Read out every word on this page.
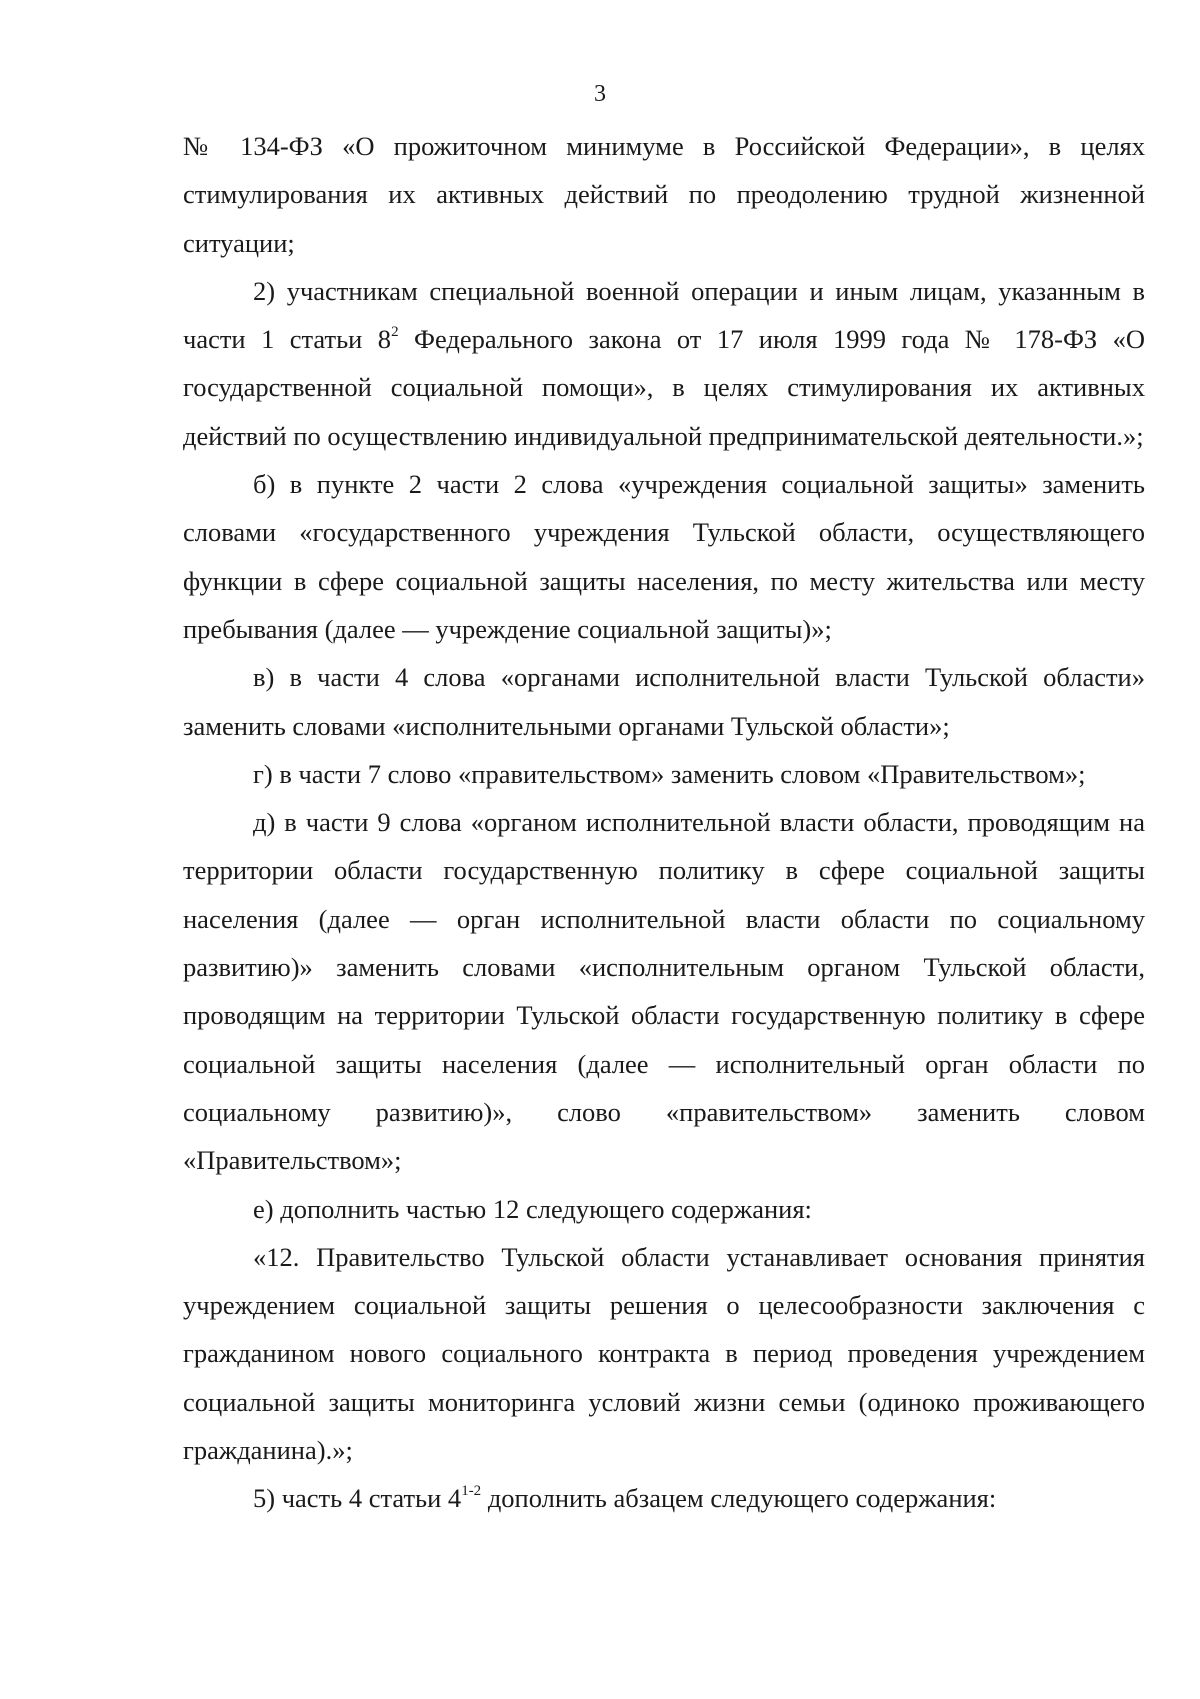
3

№ 134-ФЗ «О прожиточном минимуме в Российской Федерации», в целях стимулирования их активных действий по преодолению трудной жизненной ситуации;

2) участникам специальной военной операции и иным лицам, указанным в части 1 статьи $8^2$ Федерального закона от 17 июля 1999 года № 178-ФЗ «О государственной социальной помощи», в целях стимулирования их активных действий по осуществлению индивидуальной предпринимательской деятельности.»;

б) в пункте 2 части 2 слова «учреждения социальной защиты» заменить словами «государственного учреждения Тульской области, осуществляющего функции в сфере социальной защиты населения, по месту жительства или месту пребывания (далее — учреждение социальной защиты)»;

в) в части 4 слова «органами исполнительной власти Тульской области» заменить словами «исполнительными органами Тульской области»;

г) в части 7 слово «правительством» заменить словом «Правительством»;

д) в части 9 слова «органом исполнительной власти области, проводящим на территории области государственную политику в сфере социальной защиты населения (далее — орган исполнительной власти области по социальному развитию)» заменить словами «исполнительным органом Тульской области, проводящим на территории Тульской области государственную политику в сфере социальной защиты населения (далее — исполнительный орган области по социальному развитию)», слово «правительством» заменить словом «Правительством»;

е) дополнить частью 12 следующего содержания:

«12. Правительство Тульской области устанавливает основания принятия учреждением социальной защиты решения о целесообразности заключения с гражданином нового социального контракта в период проведения учреждением социальной защиты мониторинга условий жизни семьи (одиноко проживающего гражданина).»;

5) часть 4 статьи 4$^{1-2}$ дополнить абзацем следующего содержания:
